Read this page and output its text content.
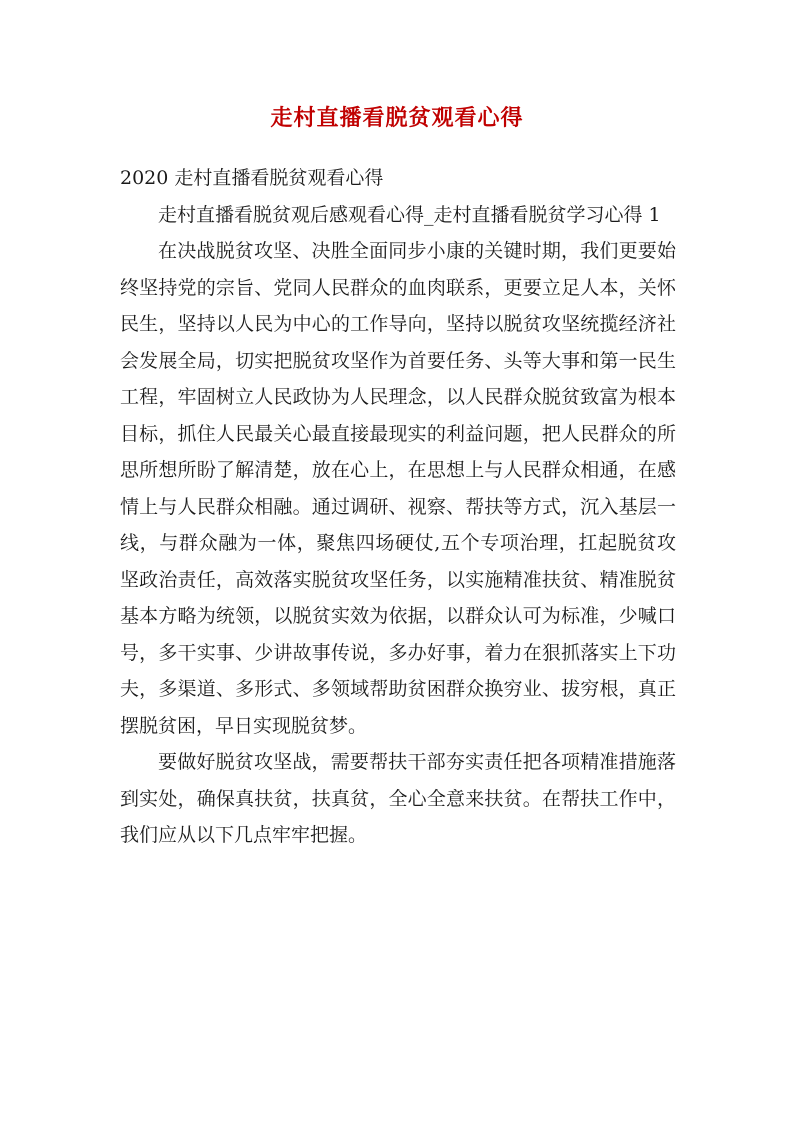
走村直播看脱贫观看心得

2020 走村直播看脱贫观看心得

走村直播看脱贫观后感观看心得_走村直播看脱贫学习心得 1

在决战脱贫攻坚、决胜全面同步小康的关键时期，我们更要始终坚持党的宗旨、党同人民群众的血肉联系，更要立足人本，关怀民生，坚持以人民为中心的工作导向，坚持以脱贫攻坚统揽经济社会发展全局，切实把脱贫攻坚作为首要任务、头等大事和第一民生工程，牢固树立人民政协为人民理念，以人民群众脱贫致富为根本目标，抓住人民最关心最直接最现实的利益问题，把人民群众的所思所想所盼了解清楚，放在心上，在思想上与人民群众相通，在感情上与人民群众相融。通过调研、视察、帮扶等方式，沉入基层一线，与群众融为一体，聚焦四场硬仗,五个专项治理，扛起脱贫攻坚政治责任，高效落实脱贫攻坚任务，以实施精准扶贫、精准脱贫基本方略为统领，以脱贫实效为依据，以群众认可为标准，少喊口号，多干实事、少讲故事传说，多办好事，着力在狠抓落实上下功夫，多渠道、多形式、多领域帮助贫困群众换穷业、拔穷根，真正摆脱贫困，早日实现脱贫梦。

要做好脱贫攻坚战，需要帮扶干部夯实责任把各项精准措施落到实处，确保真扶贫，扶真贫，全心全意来扶贫。在帮扶工作中，我们应从以下几点牢牢把握。
